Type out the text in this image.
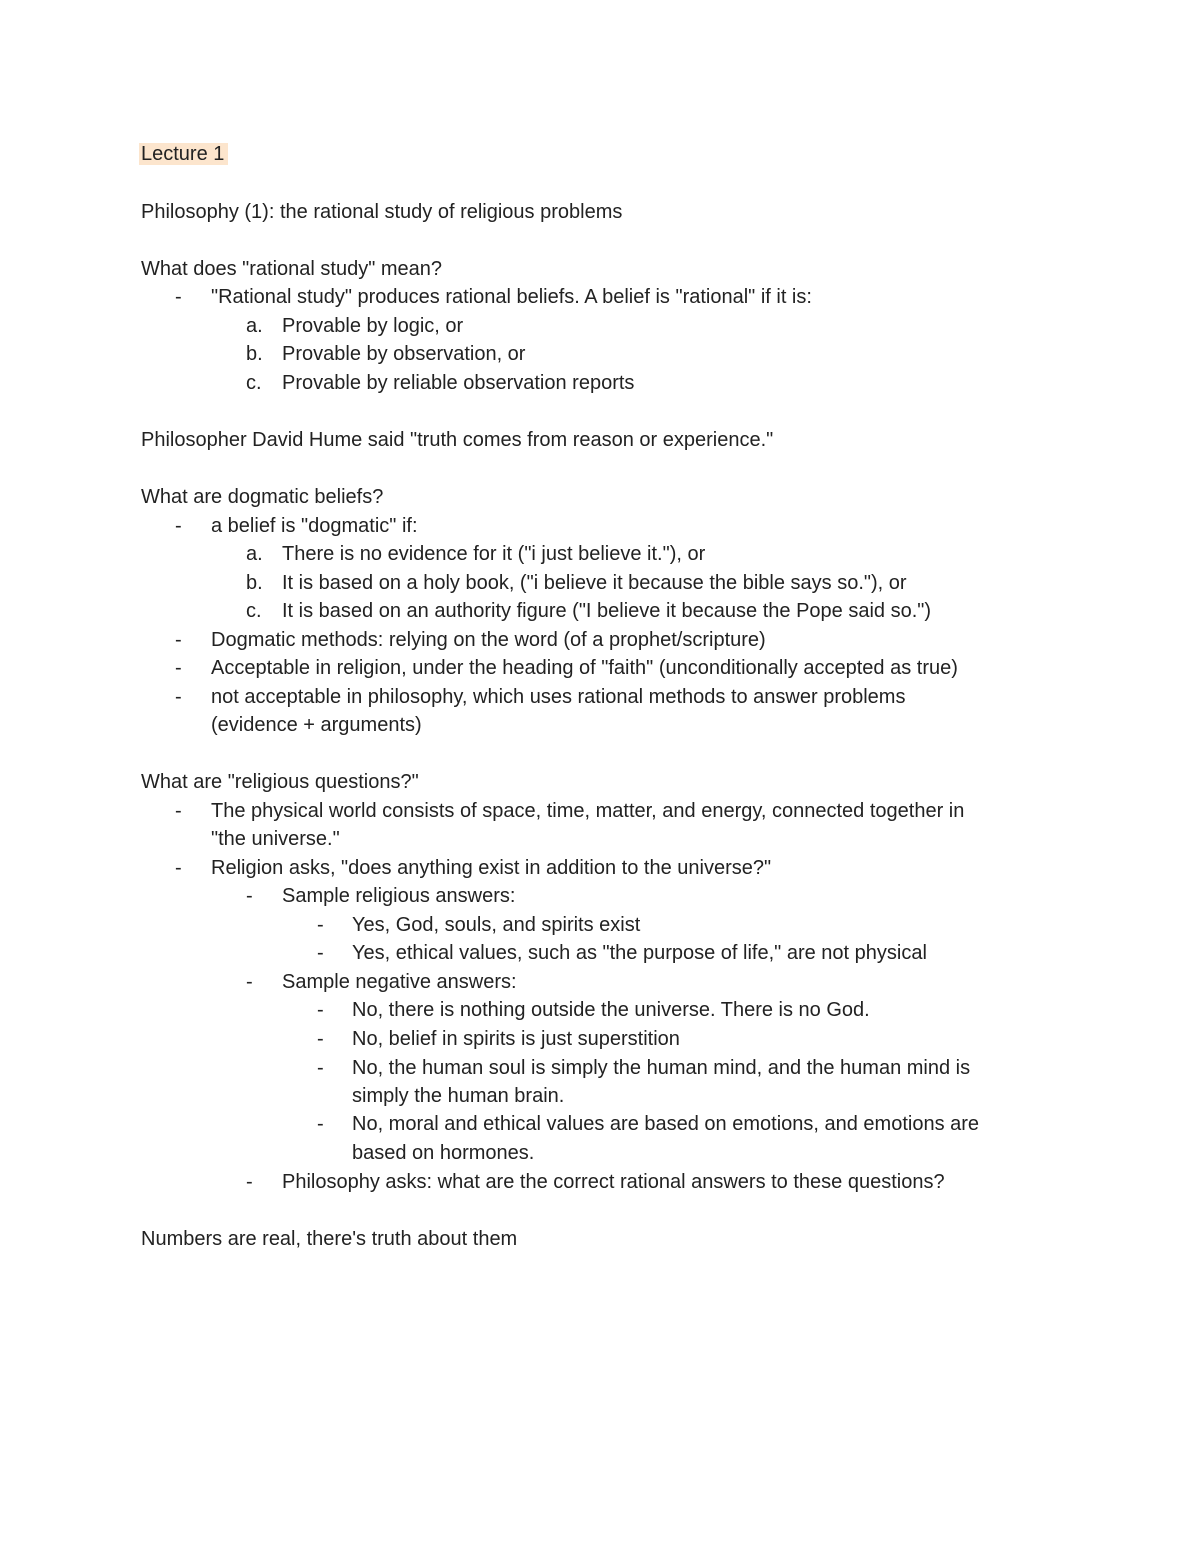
Lecture 1
Philosophy (1): the rational study of religious problems
What does "rational study" mean?
- "Rational study" produces rational beliefs. A belief is "rational" if it is:
a. Provable by logic, or
b. Provable by observation, or
c. Provable by reliable observation reports
Philosopher David Hume said "truth comes from reason or experience."
What are dogmatic beliefs?
- a belief is "dogmatic" if:
a. There is no evidence for it ("i just believe it."), or
b. It is based on a holy book, ("i believe it because the bible says so."), or
c. It is based on an authority figure ("I believe it because the Pope said so.")
- Dogmatic methods: relying on the word (of a prophet/scripture)
- Acceptable in religion, under the heading of "faith" (unconditionally accepted as true)
- not acceptable in philosophy, which uses rational methods to answer problems
(evidence + arguments)
What are "religious questions?"
- The physical world consists of space, time, matter, and energy, connected together in
"the universe."
- Religion asks, "does anything exist in addition to the universe?"
- Sample religious answers:
- Yes, God, souls, and spirits exist
- Yes, ethical values, such as "the purpose of life," are not physical
- Sample negative answers:
- No, there is nothing outside the universe. There is no God.
- No, belief in spirits is just superstition
- No, the human soul is simply the human mind, and the human mind is
simply the human brain.
- No, moral and ethical values are based on emotions, and emotions are
based on hormones.
- Philosophy asks: what are the correct rational answers to these questions?
Numbers are real, there's truth about them
